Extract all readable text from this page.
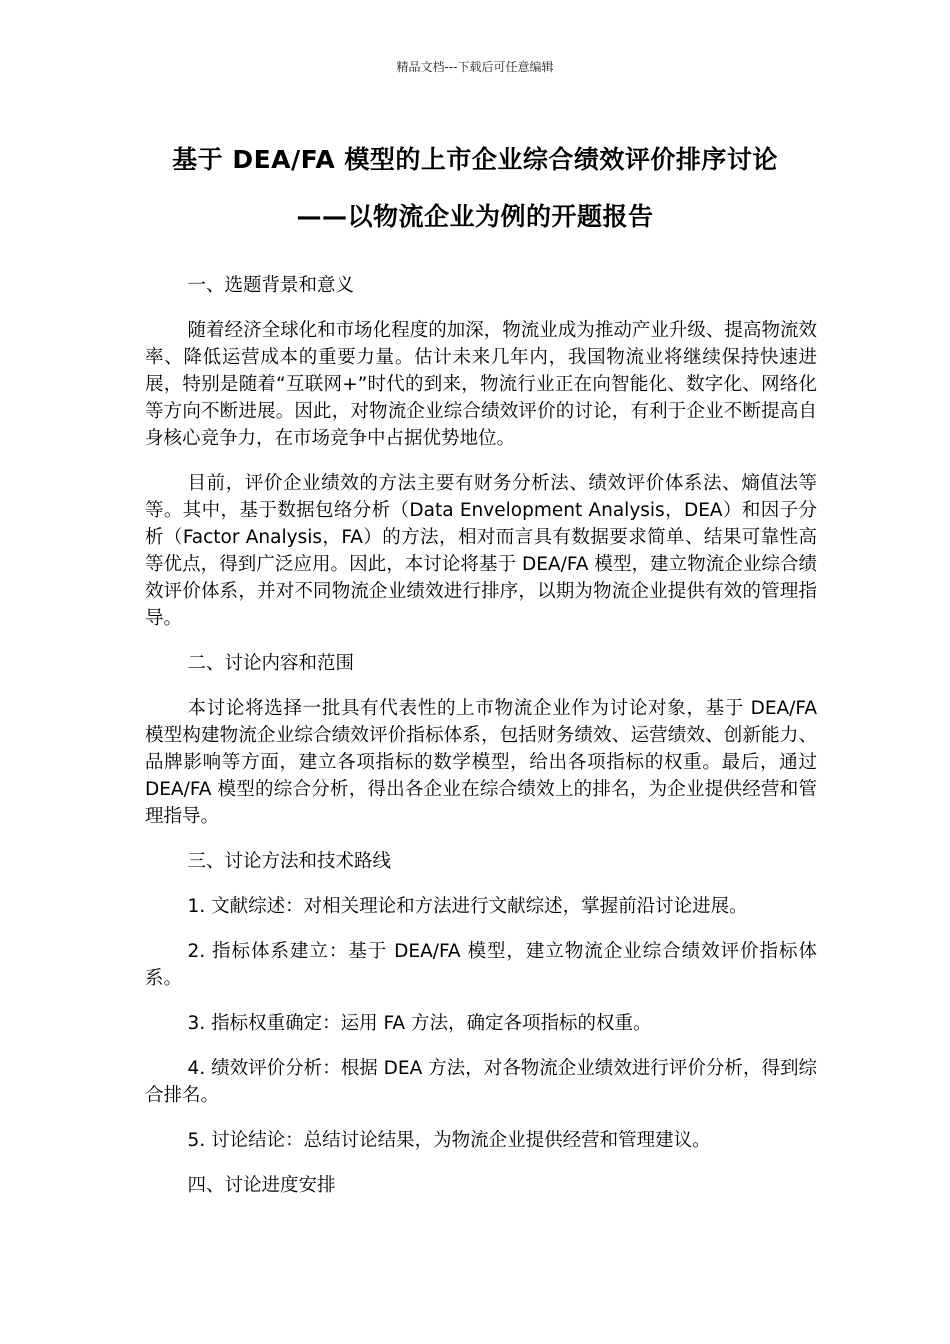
精品文档---下载后可任意编辑
基于 DEA/FA 模型的上市企业综合绩效评价排序讨论
——以物流企业为例的开题报告

一、选题背景和意义

随着经济全球化和市场化程度的加深，物流业成为推动产业升级、提高物流效率、降低运营成本的重要力量。估计未来几年内，我国物流业将继续保持快速进展，特别是随着“互联网+”时代的到来，物流行业正在向智能化、数字化、网络化等方向不断进展。因此，对物流企业综合绩效评价的讨论，有利于企业不断提高自身核心竞争力，在市场竞争中占据优势地位。

目前，评价企业绩效的方法主要有财务分析法、绩效评价体系法、熵值法等等。其中，基于数据包络分析（Data Envelopment Analysis，DEA）和因子分析（Factor Analysis，FA）的方法，相对而言具有数据要求简单、结果可靠性高等优点，得到广泛应用。因此，本讨论将基于 DEA/FA 模型，建立物流企业综合绩效评价体系，并对不同物流企业绩效进行排序，以期为物流企业提供有效的管理指导。

二、讨论内容和范围

本讨论将选择一批具有代表性的上市物流企业作为讨论对象，基于 DEA/FA 模型构建物流企业综合绩效评价指标体系，包括财务绩效、运营绩效、创新能力、品牌影响等方面，建立各项指标的数学模型，给出各项指标的权重。最后，通过 DEA/FA 模型的综合分析，得出各企业在综合绩效上的排名，为企业提供经营和管理指导。

三、讨论方法和技术路线

1. 文献综述：对相关理论和方法进行文献综述，掌握前沿讨论进展。

2. 指标体系建立：基于 DEA/FA 模型，建立物流企业综合绩效评价指标体系。

3. 指标权重确定：运用 FA 方法，确定各项指标的权重。

4. 绩效评价分析：根据 DEA 方法，对各物流企业绩效进行评价分析，得到综合排名。

5. 讨论结论：总结讨论结果，为物流企业提供经营和管理建议。

四、讨论进度安排
